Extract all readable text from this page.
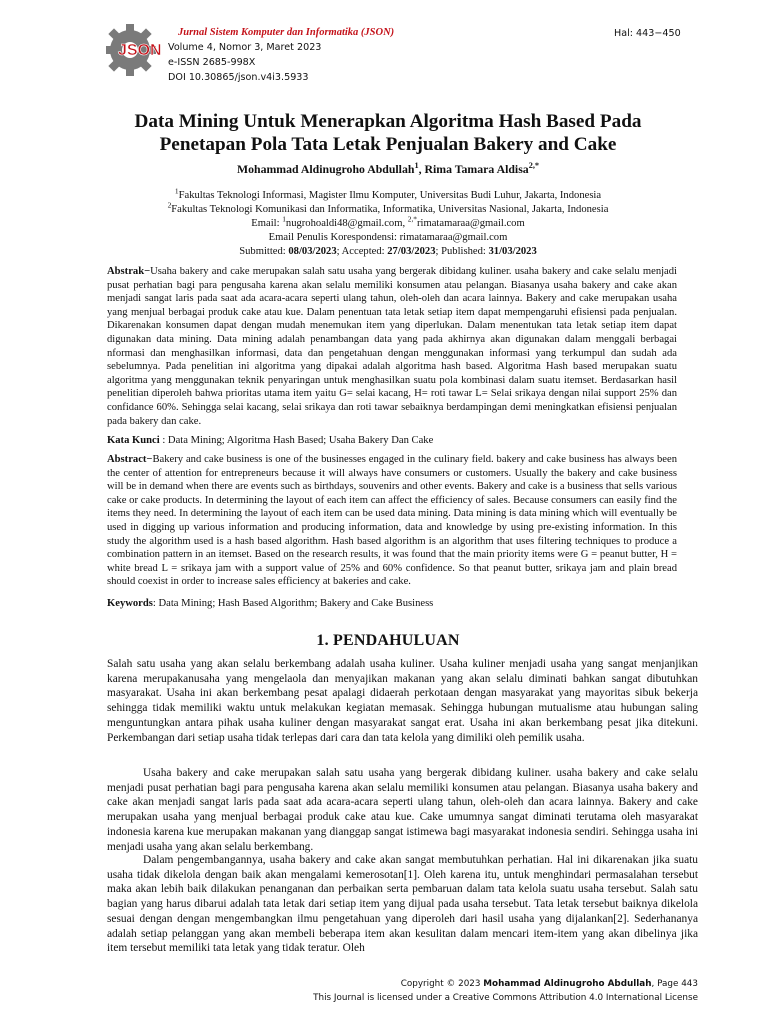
JSON
Jurnal Sistem Komputer dan Informatika (JSON)
Volume 4, Nomor 3, Maret 2023
e-ISSN 2685-998X
DOI 10.30865/json.v4i3.5933
Hal: 443−450
Data Mining Untuk Menerapkan Algoritma Hash Based Pada Penetapan Pola Tata Letak Penjualan Bakery and Cake
Mohammad Aldinugroho Abdullah$^1$, Rima Tamara Aldisa$^{2,*}$
$^1$Fakultas Teknologi Informasi, Magister Ilmu Komputer, Universitas Budi Luhur, Jakarta, Indonesia
$^2$Fakultas Teknologi Komunikasi dan Informatika, Informatika, Universitas Nasional, Jakarta, Indonesia
Email: $^1$nugrohoaldi48@gmail.com, $^{2,*}$rimatamaraa@gmail.com
Email Penulis Korespondensi: rimatamaraa@gmail.com
Submitted: 08/03/2023; Accepted: 27/03/2023; Published: 31/03/2023
Abstrak−Usaha bakery and cake merupakan salah satu usaha yang bergerak dibidang kuliner. usaha bakery and cake selalu menjadi pusat perhatian bagi para pengusaha karena akan selalu memiliki konsumen atau pelangan. Biasanya usaha bakery and cake akan menjadi sangat laris pada saat ada acara-acara seperti ulang tahun, oleh-oleh dan acara lainnya. Bakery and cake merupakan usaha yang menjual berbagai produk cake atau kue. Dalam penentuan tata letak setiap item dapat mempengaruhi efisiensi pada penjualan. Dikarenakan konsumen dapat dengan mudah menemukan item yang diperlukan. Dalam menentukan tata letak setiap item dapat digunakan data mining. Data mining adalah penambangan data yang pada akhirnya akan digunakan dalam menggali berbagai nformasi dan menghasilkan informasi, data dan pengetahuan dengan menggunakan informasi yang terkumpul dan sudah ada sebelumnya. Pada penelitian ini algoritma yang dipakai adalah algoritma hash based. Algoritma Hash based merupakan suatu algoritma yang menggunakan teknik penyaringan untuk menghasilkan suatu pola kombinasi dalam suatu itemset. Berdasarkan hasil penelitian diperoleh bahwa prioritas utama item yaitu G= selai kacang, H= roti tawar L= Selai srikaya dengan nilai support 25% dan confidance 60%. Sehingga selai kacang, selai srikaya dan roti tawar sebaiknya berdampingan demi meningkatkan efisiensi penjualan pada bakery dan cake.
Kata Kunci : Data Mining; Algoritma Hash Based; Usaha Bakery Dan Cake
Abstract−Bakery and cake business is one of the businesses engaged in the culinary field. bakery and cake business has always been the center of attention for entrepreneurs because it will always have consumers or customers. Usually the bakery and cake business will be in demand when there are events such as birthdays, souvenirs and other events. Bakery and cake is a business that sells various cake or cake products. In determining the layout of each item can affect the efficiency of sales. Because consumers can easily find the items they need. In determining the layout of each item can be used data mining. Data mining is data mining which will eventually be used in digging up various information and producing information, data and knowledge by using pre-existing information. In this study the algorithm used is a hash based algorithm. Hash based algorithm is an algorithm that uses filtering techniques to produce a combination pattern in an itemset. Based on the research results, it was found that the main priority items were G = peanut butter, H = white bread L = srikaya jam with a support value of 25% and 60% confidence. So that peanut butter, srikaya jam and plain bread should coexist in order to increase sales efficiency at bakeries and cake.
Keywords: Data Mining; Hash Based Algorithm; Bakery and Cake Business
1. PENDAHULUAN
Salah satu usaha yang akan selalu berkembang adalah usaha kuliner. Usaha kuliner menjadi usaha yang sangat menjanjikan karena merupakanusaha yang mengelaola dan menyajikan makanan yang akan selalu diminati bahkan sangat dibutuhkan masyarakat. Usaha ini akan berkembang pesat apalagi didaerah perkotaan dengan masyarakat yang mayoritas sibuk bekerja sehingga tidak memiliki waktu untuk melakukan kegiatan memasak. Sehingga hubungan mutualisme atau hubungan saling menguntungkan antara pihak usaha kuliner dengan masyarakat sangat erat. Usaha ini akan berkembang pesat jika ditekuni. Perkembangan dari setiap usaha tidak terlepas dari cara dan tata kelola yang dimiliki oleh pemilik usaha.
Usaha bakery and cake merupakan salah satu usaha yang bergerak dibidang kuliner. usaha bakery and cake selalu menjadi pusat perhatian bagi para pengusaha karena akan selalu memiliki konsumen atau pelangan. Biasanya usaha bakery and cake akan menjadi sangat laris pada saat ada acara-acara seperti ulang tahun, oleh-oleh dan acara lainnya. Bakery and cake merupakan usaha yang menjual berbagai produk cake atau kue. Cake umumnya sangat diminati terutama oleh masyarakat indonesia karena kue merupakan makanan yang dianggap sangat istimewa bagi masyarakat indonesia sendiri. Sehingga usaha ini menjadi usaha yang akan selalu berkembang.
Dalam pengembangannya, usaha bakery and cake akan sangat membutuhkan perhatian. Hal ini dikarenakan jika suatu usaha tidak dikelola dengan baik akan mengalami kemerosotan[1]. Oleh karena itu, untuk menghindari permasalahan tersebut maka akan lebih baik dilakukan penanganan dan perbaikan serta pembaruan dalam tata kelola suatu usaha tersebut. Salah satu bagian yang harus dibarui adalah tata letak dari setiap item yang dijual pada usaha tersebut. Tata letak tersebut baiknya dikelola sesuai dengan dengan mengembangkan ilmu pengetahuan yang diperoleh dari hasil usaha yang dijalankan[2]. Sederhananya adalah setiap pelanggan yang akan membeli beberapa item akan kesulitan dalam mencari item-item yang akan dibelinya jika item tersebut memiliki tata letak yang tidak teratur. Oleh
Copyright © 2023 Mohammad Aldinugroho Abdullah, Page 443
This Journal is licensed under a Creative Commons Attribution 4.0 International License
